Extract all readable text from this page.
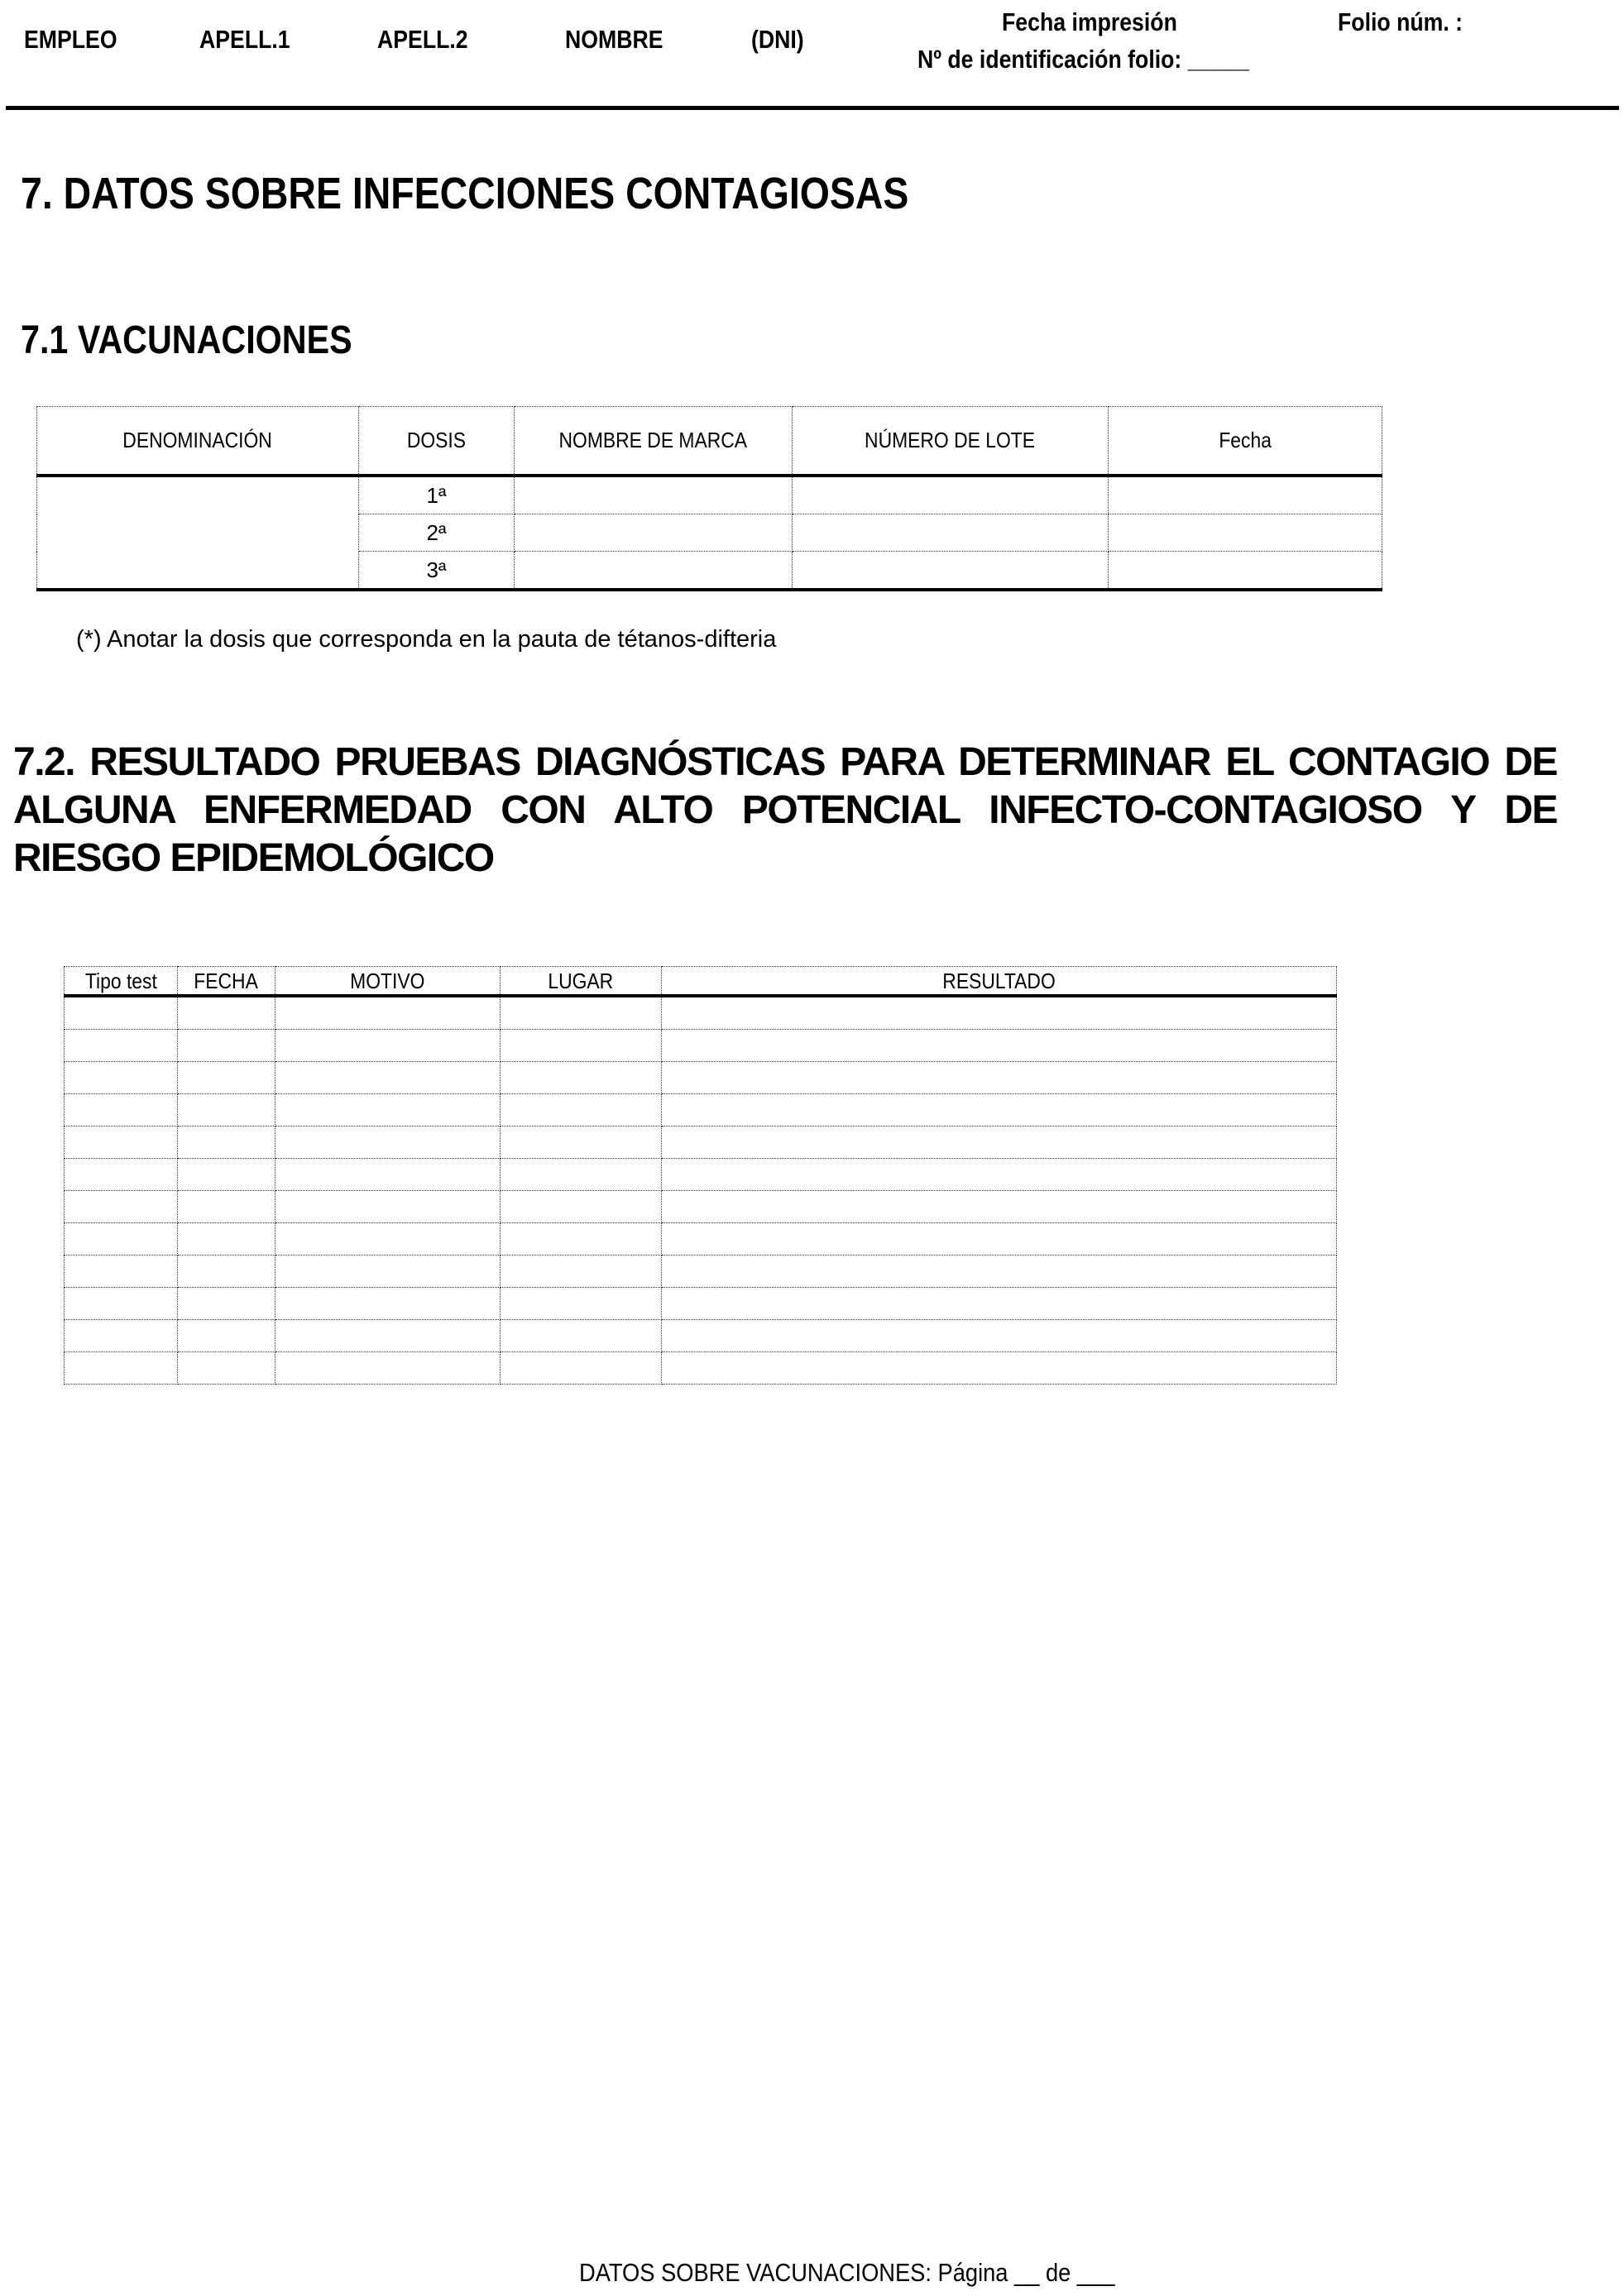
EMPLEO	APELL.1	APELL.2	NOMBRE	(DNI)
Fecha impresión
Nº de identificación folio: _____
Folio núm. :
7. DATOS SOBRE INFECCIONES CONTAGIOSAS
7.1 VACUNACIONES
DENOMINACIÓN	DOSIS	NOMBRE DE MARCA	NÚMERO DE LOTE	Fecha
	1ª			
	2ª			
	3ª			
(*) Anotar la dosis que corresponda en la pauta de tétanos-difteria
7.2. RESULTADO PRUEBAS DIAGNÓSTICAS PARA DETERMINAR EL CONTAGIO DE ALGUNA ENFERMEDAD CON ALTO POTENCIAL INFECTO-CONTAGIOSO Y DE RIESGO EPIDEMOLÓGICO
Tipo test	FECHA	MOTIVO	LUGAR	RESULTADO

DATOS SOBRE VACUNACIONES: Página __ de ___
